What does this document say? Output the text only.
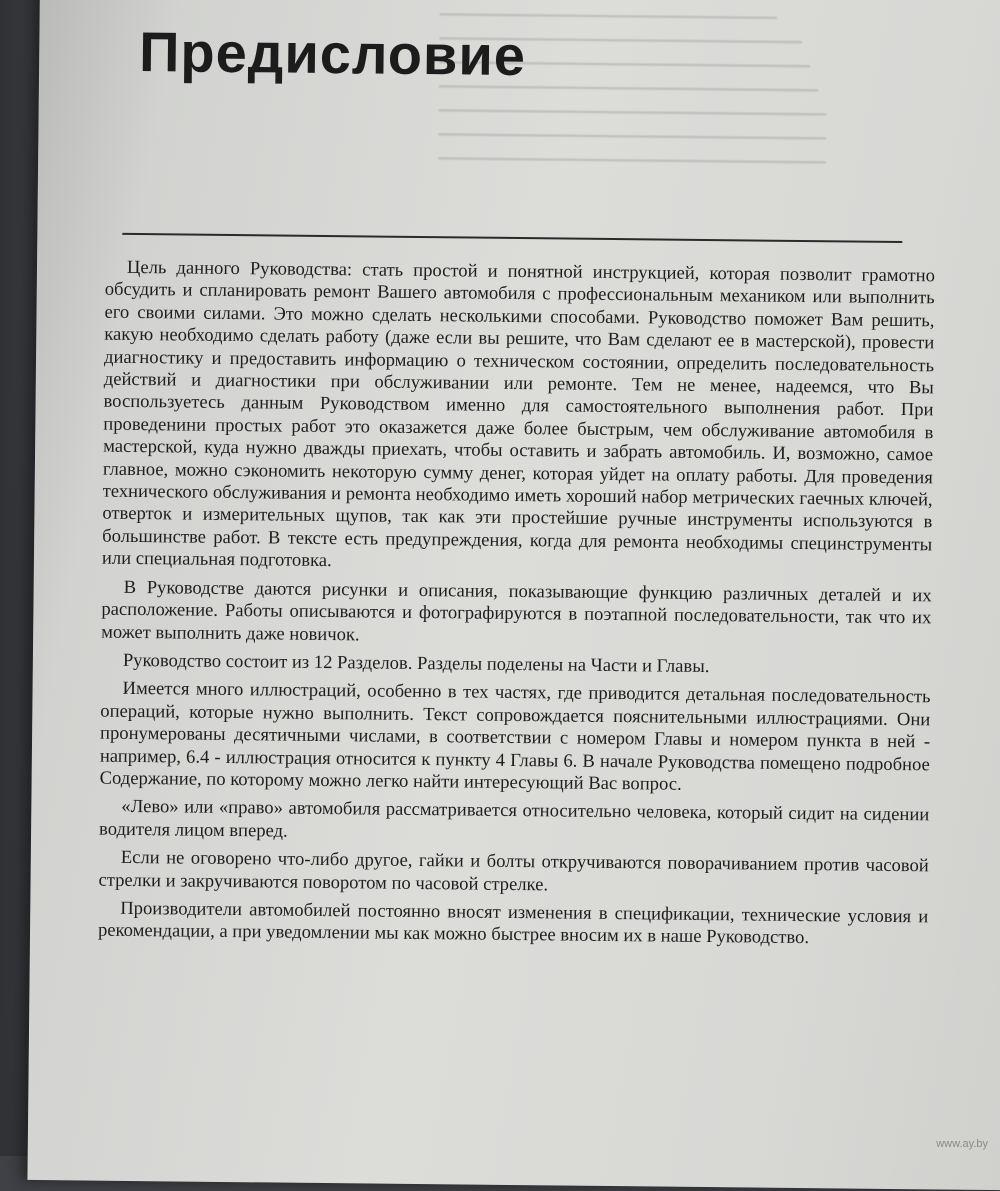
━━━━━━━━━━━━━━━━━━━━━━━━━━━━━━━━━━━━━━━━
━━━━━━━━━━━━━━━━━━━━━━━━━━━━━━━━━━━━━━━━━━━
━━━━━━━━━━━━━━━━━━━━━━━━━━━━━━━━━━━━━━━━━━━━
━━━━━━━━━━━━━━━━━━━━━━━━━━━━━━━━━━━━━━━━━━━━━
━━━━━━━━━━━━━━━━━━━━━━━━━━━━━━━━━━━━━━━━━━━━━━
━━━━━━━━━━━━━━━━━━━━━━━━━━━━━━━━━━━━━━━━━━━━━━
━━━━━━━━━━━━━━━━━━━━━━━━━━━━━━━━━━━━━━━━━━━━━━
Предисловие

Цель данного Руководства: стать простой и понятной инструкцией, которая позволит грамотно обсудить и спланировать ремонт Вашего автомобиля с профессиональным механиком или выполнить его своими силами. Это можно сделать несколькими способами. Руководство поможет Вам решить, какую необходимо сделать работу (даже если вы решите, что Вам сделают ее в мастерской), провести диагностику и предоставить информацию о техническом состоянии, определить последовательность действий и диагностики при обслуживании или ремонте. Тем не менее, надеемся, что Вы воспользуетесь данным Руководством именно для самостоятельного выполнения работ. При проведенини простых работ это оказажется даже более быстрым, чем обслуживание автомобиля в мастерской, куда нужно дважды приехать, чтобы оставить и забрать автомобиль. И, возможно, самое главное, можно сэкономить некоторую сумму денег, которая уйдет на оплату работы. Для проведения технического обслуживания и ремонта необходимо иметь хороший набор метрических гаечных ключей, отверток и измерительных щупов, так как эти простейшие ручные инструменты используются в большинстве работ. В тексте есть предупреждения, когда для ремонта необходимы специнструменты или специальная подготовка.

В Руководстве даются рисунки и описания, показывающие функцию различных деталей и их расположение. Работы описываются и фотографируются в поэтапной последовательности, так что их может выполнить даже новичок.

Руководство состоит из 12 Разделов. Разделы поделены на Части и Главы.

Имеется много иллюстраций, особенно в тех частях, где приводится детальная последовательность операций, которые нужно выполнить. Текст сопровождается пояснительными иллюстрациями. Они пронумерованы десятичными числами, в соответствии с номером Главы и номером пункта в ней - например, 6.4 - иллюстрация относится к пункту 4 Главы 6. В начале Руководства помещено подробное Содержание, по которому можно легко найти интересующий Вас вопрос.

«Лево» или «право» автомобиля рассматривается относительно человека, который сидит на сидении водителя лицом вперед.

Если не оговорено что-либо другое, гайки и болты откручиваются поворачиванием против часовой стрелки и закручиваются поворотом по часовой стрелке.

Производители автомобилей постоянно вносят изменения в спецификации, технические условия и рекомендации, а при уведомлении мы как можно быстрее вносим их в наше Руководство.

www.ay.by
